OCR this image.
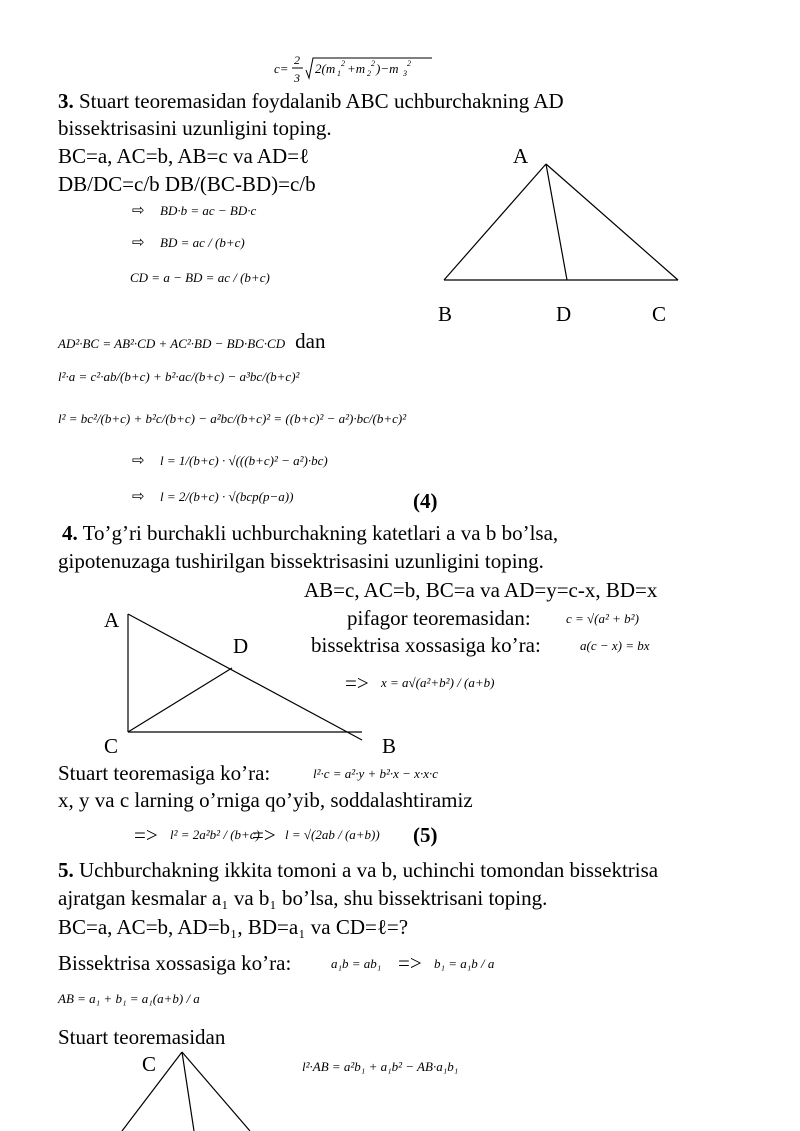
c=
2
3
2(m 1
2 +m 2
2 )−m 3
2
3. Stuart teoremasidan foydalanib ABC uchburchakning AD
bissektrisasini uzunligini toping.
BC=a, AC=b, AB=c va AD=ℓ
DB/DC=c/b DB/(BC-BD)=c/b
⇨ BD·b = ac − BD·c
⇨ BD = ac / (b+c)
CD = a − BD = ac / (b+c)
A
B	D	C
AD²·BC = AB²·CD + AC²·BD − BD·BC·CD dan
l²·a = c²·ab/(b+c) + b²·ac/(b+c) − a³bc/(b+c)²
l² = bc²/(b+c) + b²c/(b+c) − a²bc/(b+c)² = ((b+c)² − a²)·bc/(b+c)²
⇨ l = 1/(b+c) · √(((b+c)² − a²)·bc)
⇨ l = 2/(b+c) · √(bcp(p−a))	(4)
4. To’g’ri burchakli uchburchakning katetlari a va b bo’lsa,
gipotenuzaga tushirilgan bissektrisasini uzunligini toping.
AB=c, AC=b, BC=a va AD=y=c-x, BD=x
pifagor teoremasidan:	c = √(a² + b²)
bissektrisa xossasiga ko’ra:	a(c − x) = bx
=> x = a√(a²+b²) / (a+b)
A
D
C	B
Stuart teoremasiga ko’ra:	l²·c = a²·y + b²·x − x·x·c
x, y va c larning o’rniga qo’yib, soddalashtiramiz
=> l² = 2a²b² / (b+c)
=> l = √(2ab / (a+b)) (5)
5. Uchburchakning ikkita tomoni a va b, uchinchi tomondan bissektrisa
ajratgan kesmalar a₁ va b₁ bo’lsa, shu bissektrisani toping.
BC=a, AC=b, AD=b₁, BD=a₁ va CD=ℓ=?
Bissektrisa xossasiga ko’ra:	a₁b = ab₁ => b₁ = a₁b / a
AB = a₁ + b₁ = a₁(a+b) / a
Stuart teoremasidan
l²·AB = a²b₁ + a₁b² − AB·a₁b₁
C
